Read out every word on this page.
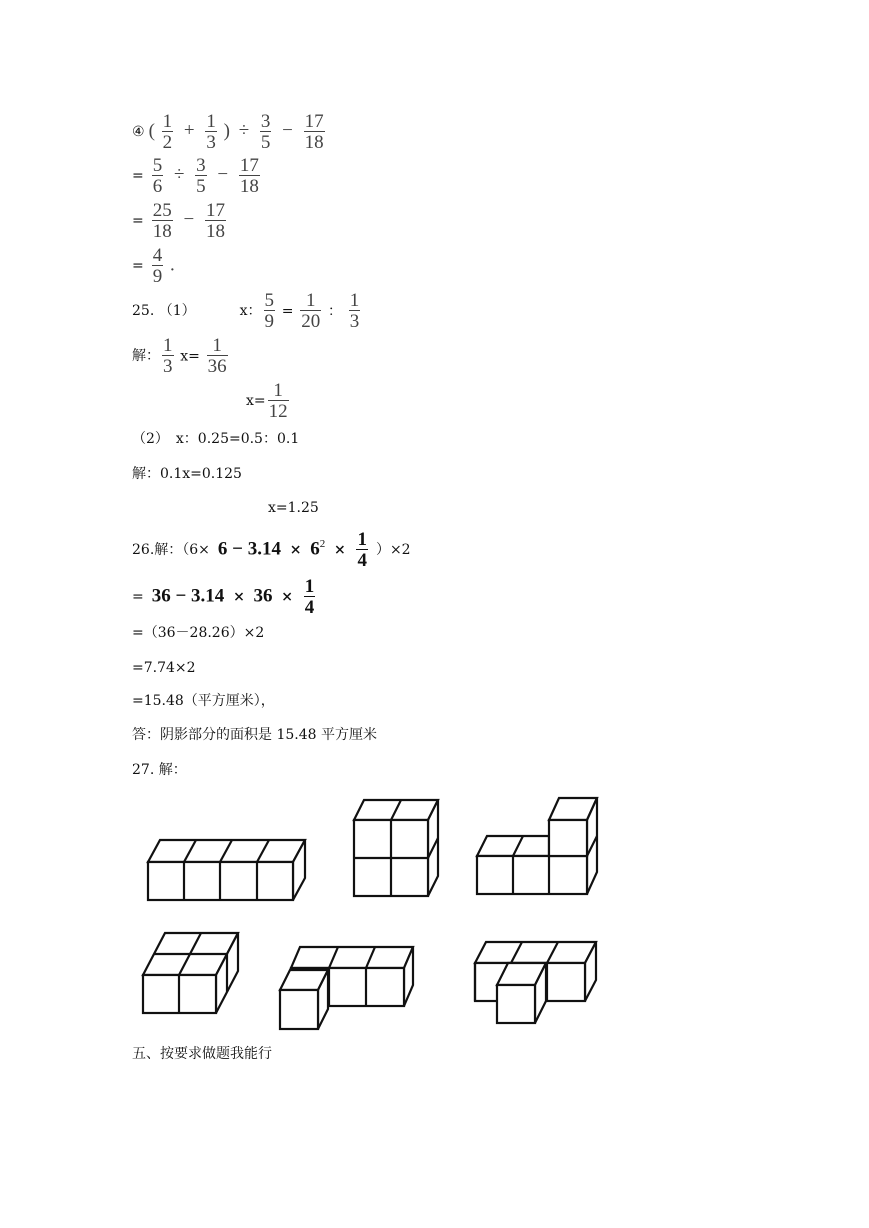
④ ( $\frac{1}{2} + \frac{1}{3}$ ) ÷ $\frac{3}{5} - \frac{17}{18}$
= $\frac{5}{6} \div \frac{3}{5} - \frac{17}{18}$
= $\frac{25}{18} - \frac{17}{18}$
= $\frac{4}{9}$ .
25. （1）	x： $\frac{5}{9} = \frac{1}{20}$ ： $\frac{1}{3}$
解： $\frac{1}{3} x= \frac{1}{36}$
$x= \frac{1}{12}$
（2）　x：0.25=0.5：0.1
解：0.1x=0.125
x=1.25
26.解：$(6\times 6 - 3.14 \times 6^2 \times \frac{1}{4} )\times 2$
= $36 - 3.14 \times 36 \times \frac{1}{4}$
=（36－28.26）×2
=7.74×2
=15.48（平方厘米），
答：阴影部分的面积是 15.48 平方厘米
27. 解：
五、按要求做题我能行
